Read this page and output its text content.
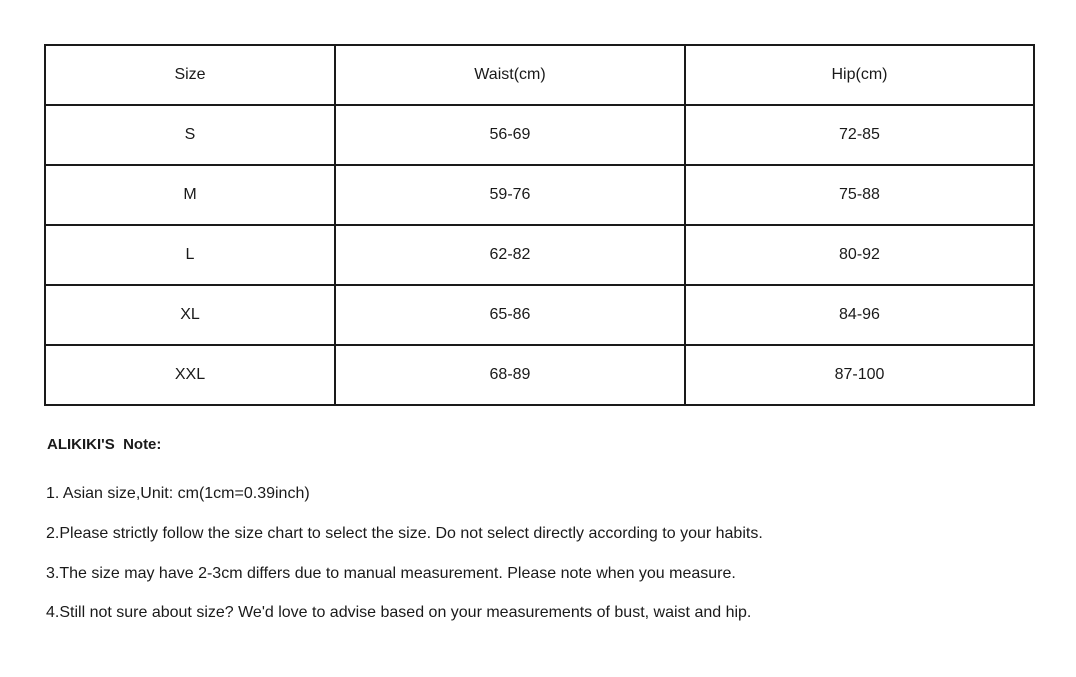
Size	Waist(cm)	Hip(cm)
S	56-69	72-85
M	59-76	75-88
L	62-82	80-92
XL	65-86	84-96
XXL	68-89	87-100

ALIKIKI'S  Note:

1. Asian size,Unit: cm(1cm=0.39inch)

2.Please strictly follow the size chart to select the size. Do not select directly according to your habits.

3.The size may have 2-3cm differs due to manual measurement. Please note when you measure.

4.Still not sure about size? We'd love to advise based on your measurements of bust, waist and hip.
